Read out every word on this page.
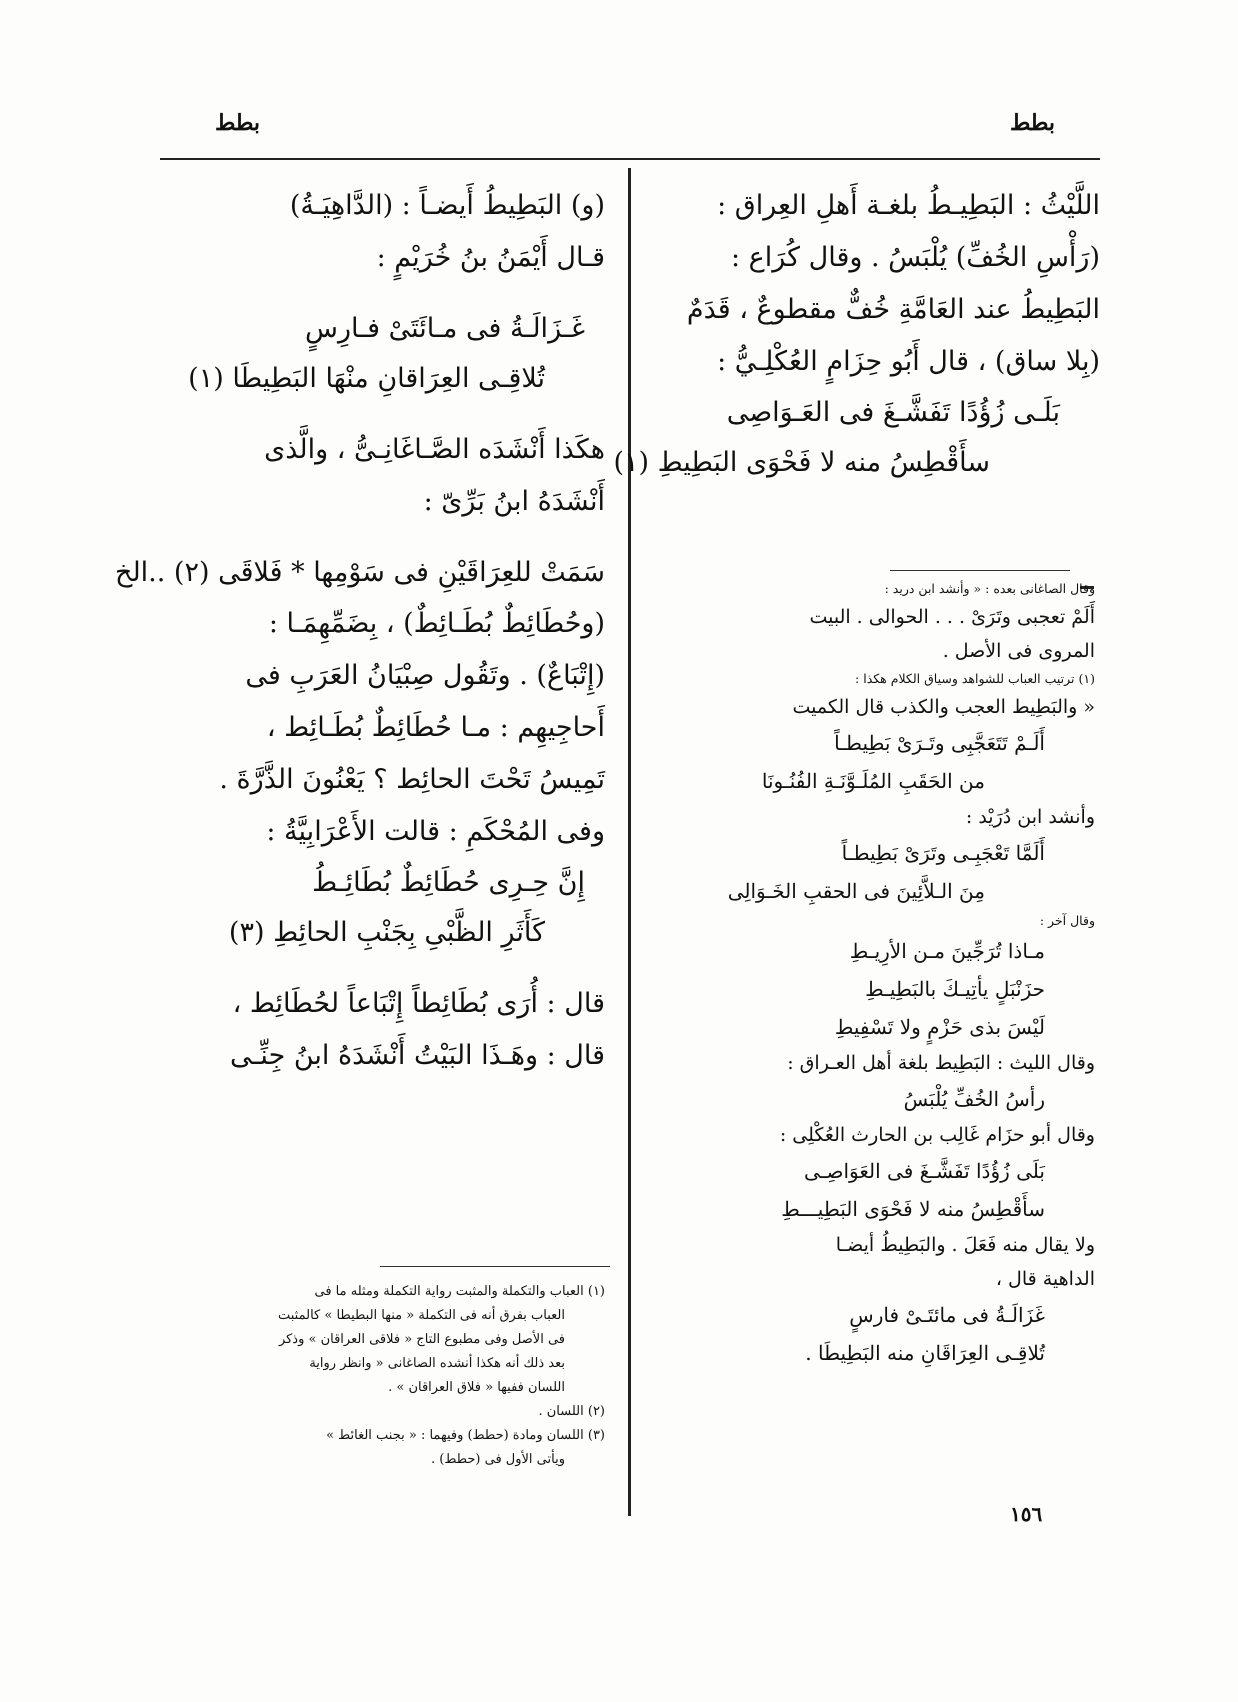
بطط	بطط

اللَّيْثُ : البَطِيـطُ بلغـة أَهلِ العِراق :

(رَأْسِ الخُفِّ) يُلْبَسُ . وقال كُرَاع :

البَطِيطُ عند العَامَّةِ خُفٌّ مقطوعٌ ، قَدَمٌ

(بِلا ساق) ، قال أَبُو حِزَامٍ العُكْلِـيُّ :

بَلَـى زُؤُدًا تَفَشَّـغَ فى العَـوَاصِى

سأَقْطِسُ منه لا فَحْوَى البَطِيطِ (١)

وقال الصاغانى بعده : « وأنشد ابن دريد :

أَلَمْ تعجبى وتَرَىْ . . . الحوالى . البيت

المروى فى الأصل .

(١) ترتيب العباب للشواهد وسياق الكلام هكذا :

« والبَطِيط العجب والكذب قال الكميت

أَلَـمْ تَتَعَجَّبِى وتَـرَىْ بَطِيطـاً

من الحَقَبِ المُلَـوَّنَـةِ الفُنُـونَا

وأنشد ابن دُرَيْد :

أَلَمَّا تَعْجَبِـى وتَرَىْ بَطِيطـاً

مِنَ الـلاَّئِينَ فى الحقبِ الخَـوَالِى

وقال آخر :

مـاذا تُرَجِّينَ مـن الأرِيـطِ

حزَنْبَلٍ يأتِيـكَ بالبَطِيـطِ

لَيْسَ بذى حَزْمٍ ولا تَسْفِيطِ

وقال الليث : البَطِيط بلغة أهل العـراق :

رأسُ الخُفِّ يُلْبَسُ

وقال أبو حزَام غَالِب بن الحارث العُكْلِى :

بَلَى زُؤُدًا تَفَشَّـغَ فى العَوَاصِـى

سأَقْطِسُ منه لا فَحْوَى البَطِيـــطِ

ولا يقال منه فَعَلَ . والبَطِيطُ أيضـا

الداهية قال ،

غَزَالَـةُ فى مائتَـىْ فارسٍ

تُلاقِـى العِرَاقَانِ منه البَطِيطَا .

(و) البَطِيطُ أَيضـاً : (الدَّاهِيَـةُ)

قـال أَيْمَنُ بنُ خُرَيْمٍ :

غَـزَالَـةُ فى مـائَتَىْ فـارِسٍ

تُلاقِـى العِرَاقانِ منْهَا البَطِيطَا (١)

هكَذا أَنْشَدَه الصَّـاغَانِـىُّ ، والَّذى

أَنْشَدَهُ ابنُ بَرِّىّ :

سَمَتْ للعِرَاقَيْنِ فى سَوْمِها * فَلاقَى (٢) ..الخ

(وحُطَائِطٌ بُطَـائِطٌ) ، بِضَمِّهِمَـا :

(إِتْبَاعٌ) . وتَقُول صِبْيَانُ العَرَبِ فى

أَحاجِيهِم : مـا حُطَائِطٌ بُطَـائِط ،

تَمِيسُ تَحْتَ الحائِط ؟ يَعْنُونَ الذَّرَّةَ .

وفى المُحْكَمِ : قالت الأَعْرَابِيَّةُ :

إِنَّ حِـرِى حُطَائِطٌ بُطَائِـطُ

كَأَثَرِ الظَّبْىِ بِجَنْبِ الحائِطِ (٣)

قال : أُرَى بُطَائِطاً إِتْبَاعاً لحُطَائِط ،

قال : وهَـذَا البَيْتُ أَنْشَدَهُ ابنُ جِنِّـى

(١) العباب والتكملة والمثبت رواية التكملة ومثله ما فى

العباب بفرق أنه فى التكملة « منها البطيطا » كالمثبت

فى الأصل وفى مطبوع التاج « فلاقى العراقان » وذكر

بعد ذلك أنه هكذا أنشده الصاغانى « وانظر رواية

اللسان ففيها « فلاق العراقان » .

(٢) اللسان .

(٣) اللسان ومادة (حطط) وفيهما : « بجنب الغائط »

ويأتى الأول فى (حطط) .

١٥٦
